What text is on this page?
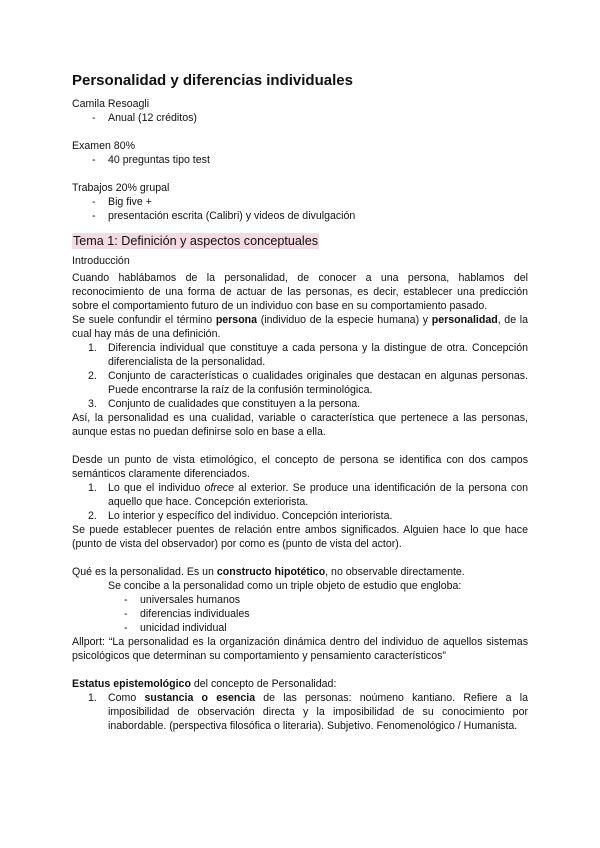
Personalidad y diferencias individuales

Camila Resoagli

- Anual (12 créditos)

Examen 80%

- 40 preguntas tipo test

Trabajos 20% grupal

- Big five +
- presentación escrita (Calibri) y videos de divulgación
Tema 1: Definición y aspectos conceptuales

Introducción

Cuando hablábamos de la personalidad, de conocer a una persona, hablamos del reconocimiento de una forma de actuar de las personas, es decir, establecer una predicción sobre el comportamiento futuro de un individuo con base en su comportamiento pasado.

Se suele confundir el término persona (individuo de la especie humana) y personalidad, de la cual hay más de una definición.

1. Diferencia individual que constituye a cada persona y la distingue de otra. Concepción diferencialista de la personalidad.
2. Conjunto de características o cualidades originales que destacan en algunas personas. Puede encontrarse la raíz de la confusión terminológica.
3. Conjunto de cualidades que constituyen a la persona.

Así, la personalidad es una cualidad, variable o característica que pertenece a las personas, aunque estas no puedan definirse solo en base a ella.

Desde un punto de vista etimológico, el concepto de persona se identifica con dos campos semánticos claramente diferenciados.

1. Lo que el individuo ofrece al exterior. Se produce una identificación de la persona con aquello que hace. Concepción exteriorista.
2. Lo interior y específico del individuo. Concepción interiorista.

Se puede establecer puentes de relación entre ambos significados. Alguien hace lo que hace (punto de vista del observador) por como es (punto de vista del actor).

Qué es la personalidad. Es un constructo hipotético, no observable directamente.

Se concibe a la personalidad como un triple objeto de estudio que engloba:

- universales humanos
- diferencias individuales
- unicidad individual

Allport: “La personalidad es la organización dinámica dentro del individuo de aquellos sistemas psicológicos que determinan su comportamiento y pensamiento característicos”

Estatus epistemológico del concepto de Personalidad:

1. Como sustancia o esencia de las personas: noúmeno kantiano. Refiere a la imposibilidad de observación directa y la imposibilidad de su conocimiento por inabordable. (perspectiva filosófica o literaria). Subjetivo. Fenomenológico / Humanista.
